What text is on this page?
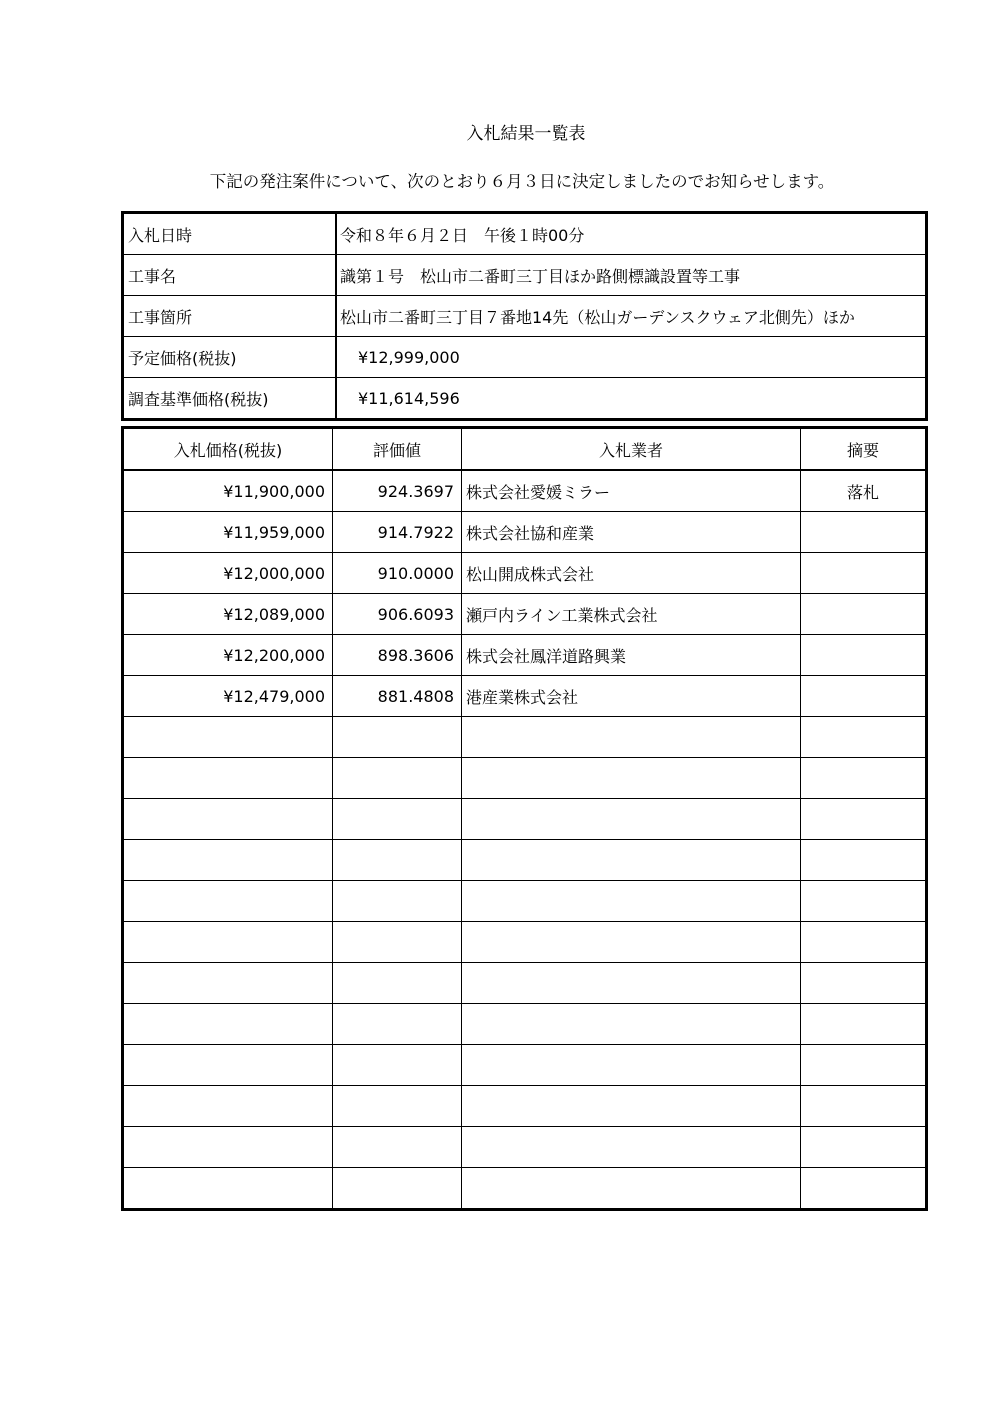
入札結果一覧表
下記の発注案件について、次のとおり６月３日に決定しましたのでお知らせします。
入札日時	令和８年６月２日　午後１時00分
工事名	識第１号　松山市二番町三丁目ほか路側標識設置等工事
工事箇所	松山市二番町三丁目７番地14先（松山ガーデンスクウェア北側先）ほか
予定価格(税抜)	¥12,999,000
調査基準価格(税抜)	¥11,614,596
入札価格(税抜)	評価値	入札業者	摘要
¥11,900,000	924.3697	株式会社愛媛ミラー	落札
¥11,959,000	914.7922	株式会社協和産業	
¥12,000,000	910.0000	松山開成株式会社	
¥12,089,000	906.6093	瀬戸内ライン工業株式会社	
¥12,200,000	898.3606	株式会社鳳洋道路興業	
¥12,479,000	881.4808	港産業株式会社	
